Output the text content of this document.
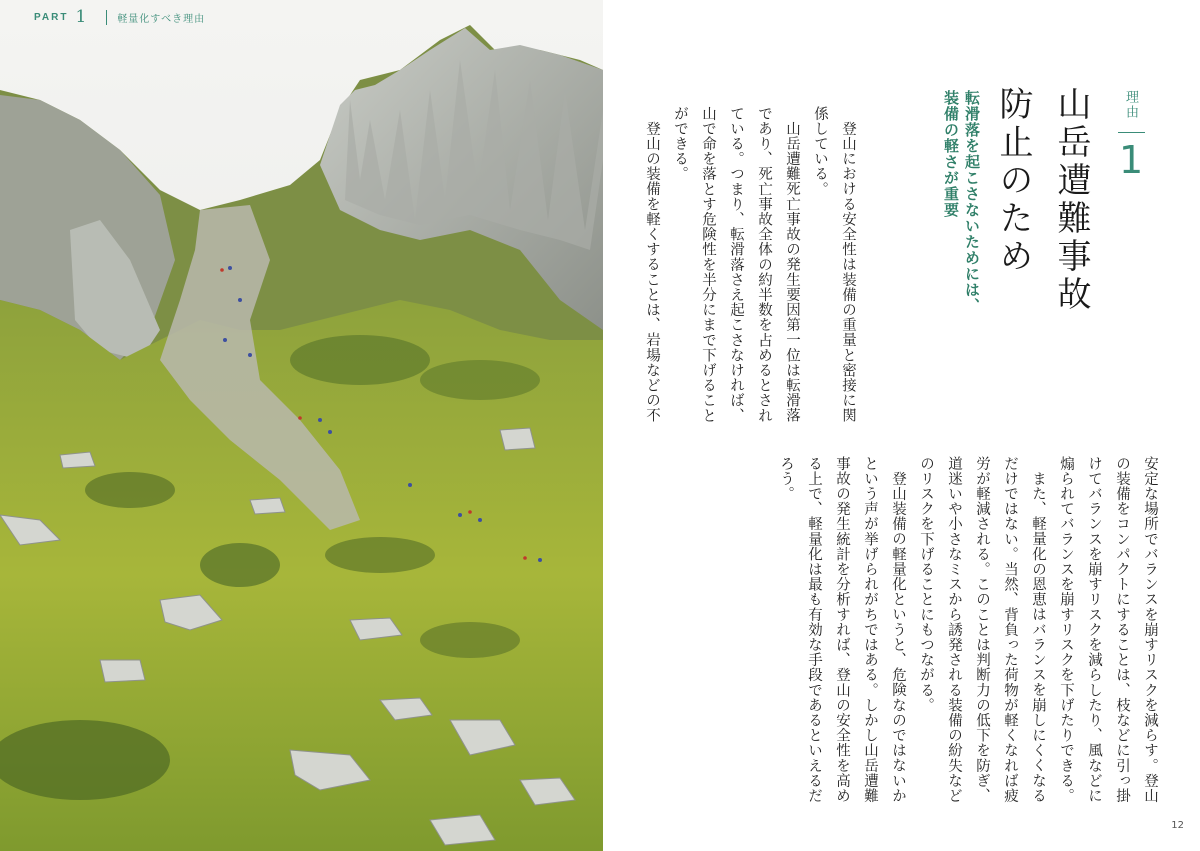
PART 1	軽量化すべき理由
理由
1
山岳遭難事故
防止のため
転滑落を起こさないためには、
装備の軽さが重要

登山における安全性は装備の重量と密接に関係している。

山岳遭難死亡事故の発生要因第一位は転滑落であり、死亡事故全体の約半数を占めるとされている。つまり、転滑落さえ起こさなければ、山で命を落とす危険性を半分にまで下げることができる。

登山の装備を軽くすることは、岩場などの不

安定な場所でバランスを崩すリスクを減らす。登山の装備をコンパクトにすることは、枝などに引っ掛けてバランスを崩すリスクを減らしたり、風などに煽られてバランスを崩すリスクを下げたりできる。

また、軽量化の恩恵はバランスを崩しにくくなるだけではない。当然、背負った荷物が軽くなれば疲労が軽減される。このことは判断力の低下を防ぎ、道迷いや小さなミスから誘発される装備の紛失などのリスクを下げることにもつながる。

登山装備の軽量化というと、危険なのではないかという声が挙げられがちではある。しかし山岳遭難事故の発生統計を分析すれば、登山の安全性を高める上で、軽量化は最も有効な手段であるといえるだろう。

12
